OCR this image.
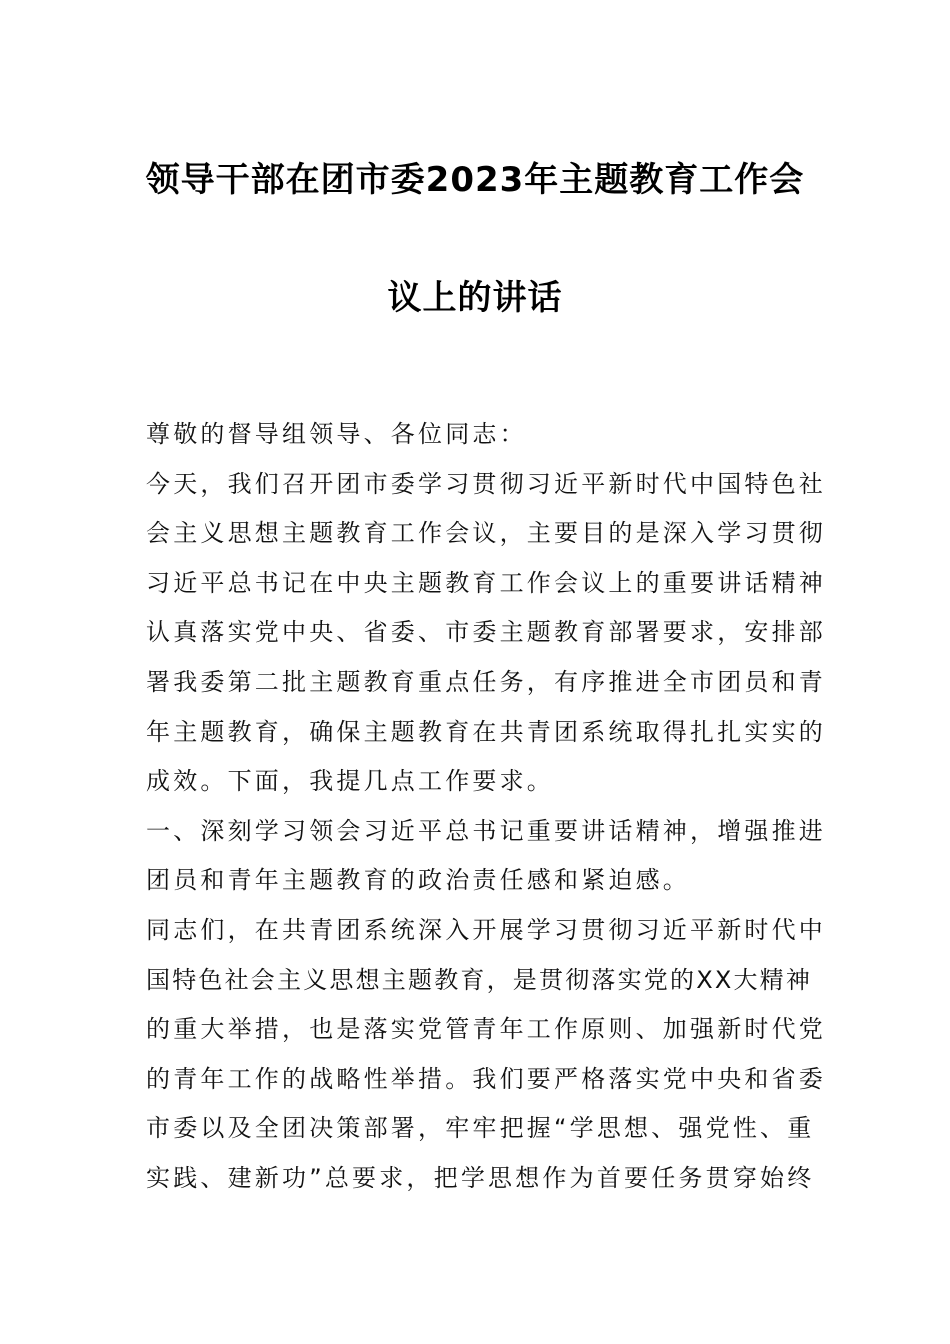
领导干部在团市委2023年主题教育工作会
议上的讲话
尊敬的督导组领导、各位同志：
今天，我们召开团市委学习贯彻习近平新时代中国特色社
会主义思想主题教育工作会议，主要目的是深入学习贯彻
习近平总书记在中央主题教育工作会议上的重要讲话精神
认真落实党中央、省委、市委主题教育部署要求，安排部
署我委第二批主题教育重点任务，有序推进全市团员和青
年主题教育，确保主题教育在共青团系统取得扎扎实实的
成效。下面，我提几点工作要求。
一、深刻学习领会习近平总书记重要讲话精神，增强推进
团员和青年主题教育的政治责任感和紧迫感。
同志们，在共青团系统深入开展学习贯彻习近平新时代中
国特色社会主义思想主题教育，是贯彻落实党的XX大精神
的重大举措，也是落实党管青年工作原则、加强新时代党
的青年工作的战略性举措。我们要严格落实党中央和省委
市委以及全团决策部署，牢牢把握“学思想、强党性、重
实践、建新功”总要求，把学思想作为首要任务贯穿始终
